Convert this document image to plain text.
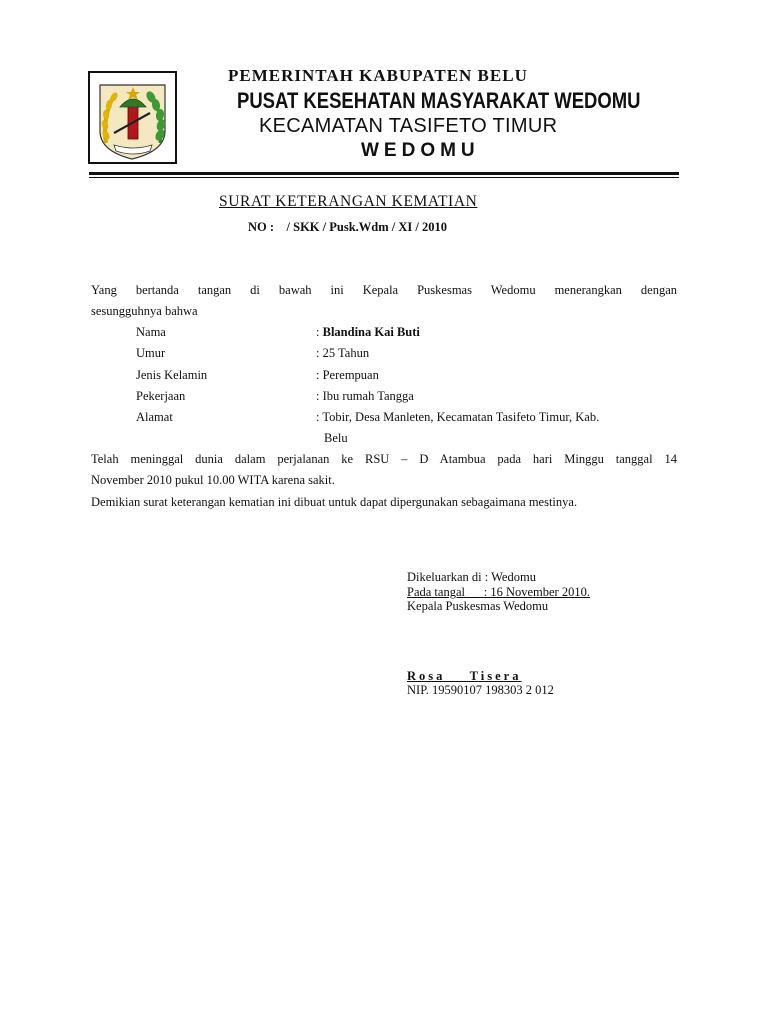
PEMERINTAH KABUPATEN BELU
PUSAT KESEHATAN MASYARAKAT WEDOMU
KECAMATAN TASIFETO TIMUR
WEDOMU
SURAT KETERANGAN KEMATIAN
NO :    / SKK / Pusk.Wdm / XI / 2010
Yang bertanda tangan di bawah ini Kepala Puskesmas Wedomu menerangkan dengan
sesungguhnya bahwa
Nama	: Blandina Kai Buti
Umur	: 25 Tahun
Jenis Kelamin	: Perempuan
Pekerjaan	: Ibu rumah Tangga
Alamat	: Tobir, Desa Manleten, Kecamatan Tasifeto Timur, Kab.
Belu
Telah meninggal dunia dalam perjalanan ke RSU – D Atambua pada hari Minggu tanggal 14
November 2010 pukul 10.00 WITA karena sakit.
Demikian surat keterangan kematian ini dibuat untuk dapat dipergunakan sebagaimana mestinya.
Dikeluarkan di : Wedomu
Pada tangal      : 16 November 2010.
Kepala Puskesmas Wedomu
Rosa    Tisera
NIP. 19590107 198303 2 012
